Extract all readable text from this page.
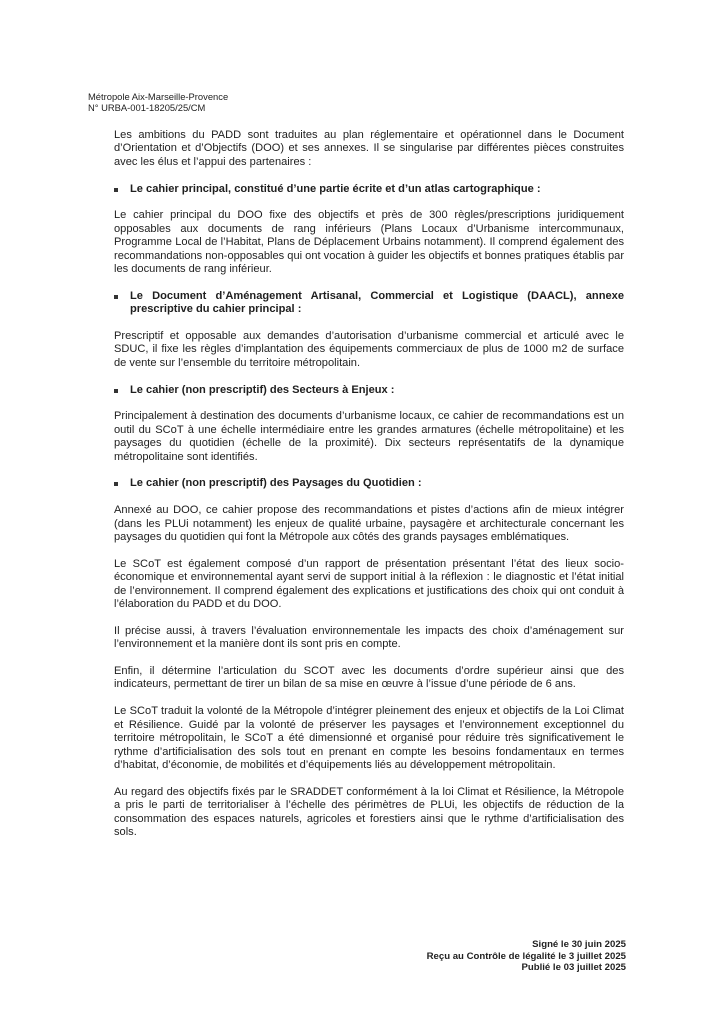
Métropole Aix-Marseille-Provence
N° URBA-001-18205/25/CM

Les ambitions du PADD sont traduites au plan réglementaire et opérationnel dans le Document d’Orientation et d’Objectifs (DOO) et ses annexes. Il se singularise par différentes pièces construites avec les élus et l’appui des partenaires :

Le cahier principal, constitué d’une partie écrite et d’un atlas cartographique :

Le cahier principal du DOO fixe des objectifs et près de 300 règles/prescriptions juridiquement opposables aux documents de rang inférieurs (Plans Locaux d’Urbanisme intercommunaux, Programme Local de l’Habitat, Plans de Déplacement Urbains notamment). Il comprend également des recommandations non-opposables qui ont vocation à guider les objectifs et bonnes pratiques établis par les documents de rang inférieur.

Le Document d’Aménagement Artisanal, Commercial et Logistique (DAACL), annexe prescriptive du cahier principal :

Prescriptif et opposable aux demandes d’autorisation d’urbanisme commercial et articulé avec le SDUC, il fixe les règles d’implantation des équipements commerciaux de plus de 1000 m2 de surface de vente sur l’ensemble du territoire métropolitain.

Le cahier (non prescriptif) des Secteurs à Enjeux :

Principalement à destination des documents d’urbanisme locaux, ce cahier de recommandations est un outil du SCoT à une échelle intermédiaire entre les grandes armatures (échelle métropolitaine) et les paysages du quotidien (échelle de la proximité). Dix secteurs représentatifs de la dynamique métropolitaine sont identifiés.

Le cahier (non prescriptif) des Paysages du Quotidien :

Annexé au DOO, ce cahier propose des recommandations et pistes d’actions afin de mieux intégrer (dans les PLUi notamment) les enjeux de qualité urbaine, paysagère et architecturale concernant les paysages du quotidien qui font la Métropole aux côtés des grands paysages emblématiques.

Le SCoT est également composé d’un rapport de présentation présentant l’état des lieux socio-économique et environnemental ayant servi de support initial à la réflexion : le diagnostic et l’état initial de l’environnement. Il comprend également des explications et justifications des choix qui ont conduit à l’élaboration du PADD et du DOO.

Il précise aussi, à travers l’évaluation environnementale les impacts des choix d’aménagement sur l’environnement et la manière dont ils sont pris en compte.

Enfin, il détermine l’articulation du SCOT avec les documents d’ordre supérieur ainsi que des indicateurs, permettant de tirer un bilan de sa mise en œuvre à l’issue d’une période de 6 ans.

Le SCoT traduit la volonté de la Métropole d’intégrer pleinement des enjeux et objectifs de la Loi Climat et Résilience. Guidé par la volonté de préserver les paysages et l’environnement exceptionnel du territoire métropolitain, le SCoT a été dimensionné et organisé pour réduire très significativement le rythme d’artificialisation des sols tout en prenant en compte les besoins fondamentaux en termes d’habitat, d’économie, de mobilités et d’équipements liés au développement métropolitain.

Au regard des objectifs fixés par le SRADDET conformément à la loi Climat et Résilience, la Métropole a pris le parti de territorialiser à l’échelle des périmètres de PLUi, les objectifs de réduction de la consommation des espaces naturels, agricoles et forestiers ainsi que le rythme d’artificialisation des sols.

Signé le 30 juin 2025
Reçu au Contrôle de légalité le 3 juillet 2025
Publié le 03 juillet 2025
